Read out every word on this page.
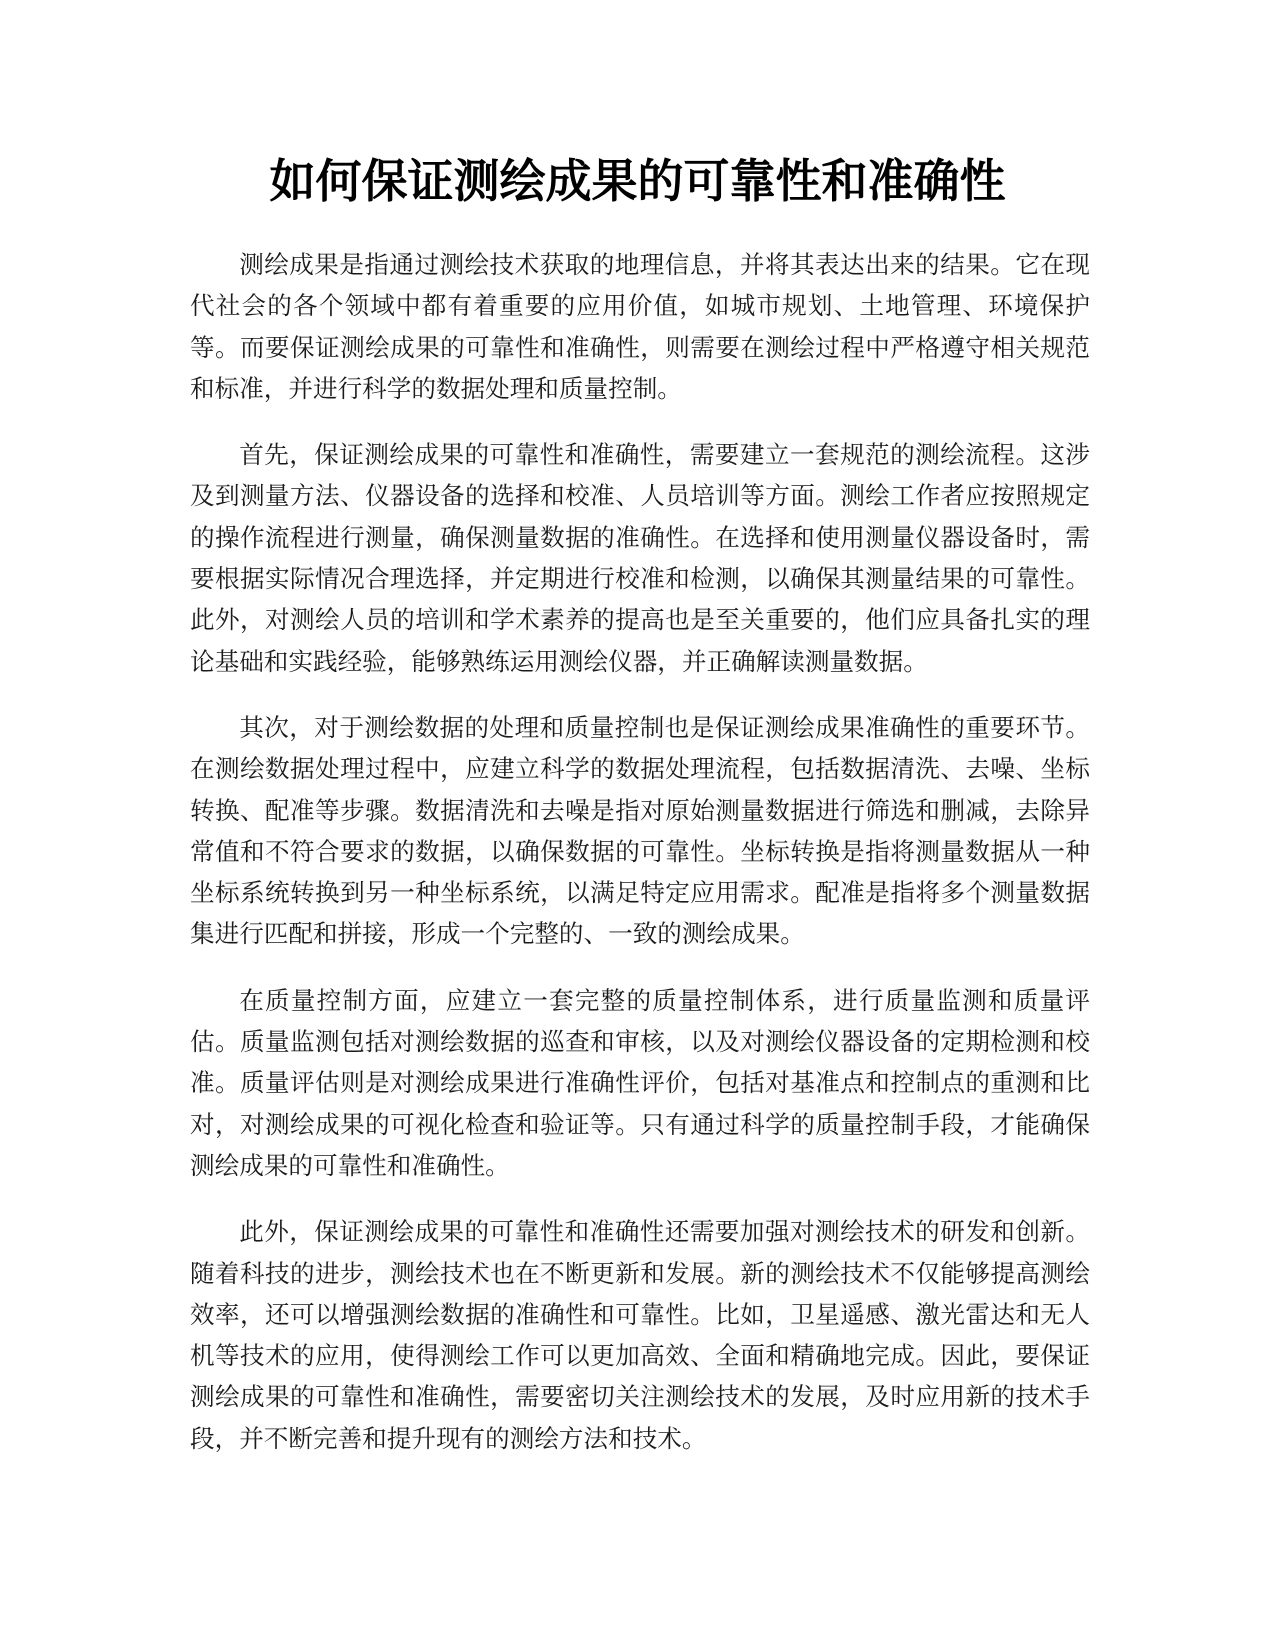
如何保证测绘成果的可靠性和准确性

测绘成果是指通过测绘技术获取的地理信息，并将其表达出来的结果。它在现代社会的各个领域中都有着重要的应用价值，如城市规划、土地管理、环境保护等。而要保证测绘成果的可靠性和准确性，则需要在测绘过程中严格遵守相关规范和标准，并进行科学的数据处理和质量控制。

首先，保证测绘成果的可靠性和准确性，需要建立一套规范的测绘流程。这涉及到测量方法、仪器设备的选择和校准、人员培训等方面。测绘工作者应按照规定的操作流程进行测量，确保测量数据的准确性。在选择和使用测量仪器设备时，需要根据实际情况合理选择，并定期进行校准和检测，以确保其测量结果的可靠性。此外，对测绘人员的培训和学术素养的提高也是至关重要的，他们应具备扎实的理论基础和实践经验，能够熟练运用测绘仪器，并正确解读测量数据。

其次，对于测绘数据的处理和质量控制也是保证测绘成果准确性的重要环节。在测绘数据处理过程中，应建立科学的数据处理流程，包括数据清洗、去噪、坐标转换、配准等步骤。数据清洗和去噪是指对原始测量数据进行筛选和删减，去除异常值和不符合要求的数据，以确保数据的可靠性。坐标转换是指将测量数据从一种坐标系统转换到另一种坐标系统，以满足特定应用需求。配准是指将多个测量数据集进行匹配和拼接，形成一个完整的、一致的测绘成果。

在质量控制方面，应建立一套完整的质量控制体系，进行质量监测和质量评估。质量监测包括对测绘数据的巡查和审核，以及对测绘仪器设备的定期检测和校准。质量评估则是对测绘成果进行准确性评价，包括对基准点和控制点的重测和比对，对测绘成果的可视化检查和验证等。只有通过科学的质量控制手段，才能确保测绘成果的可靠性和准确性。

此外，保证测绘成果的可靠性和准确性还需要加强对测绘技术的研发和创新。随着科技的进步，测绘技术也在不断更新和发展。新的测绘技术不仅能够提高测绘效率，还可以增强测绘数据的准确性和可靠性。比如，卫星遥感、激光雷达和无人机等技术的应用，使得测绘工作可以更加高效、全面和精确地完成。因此，要保证测绘成果的可靠性和准确性，需要密切关注测绘技术的发展，及时应用新的技术手段，并不断完善和提升现有的测绘方法和技术。
